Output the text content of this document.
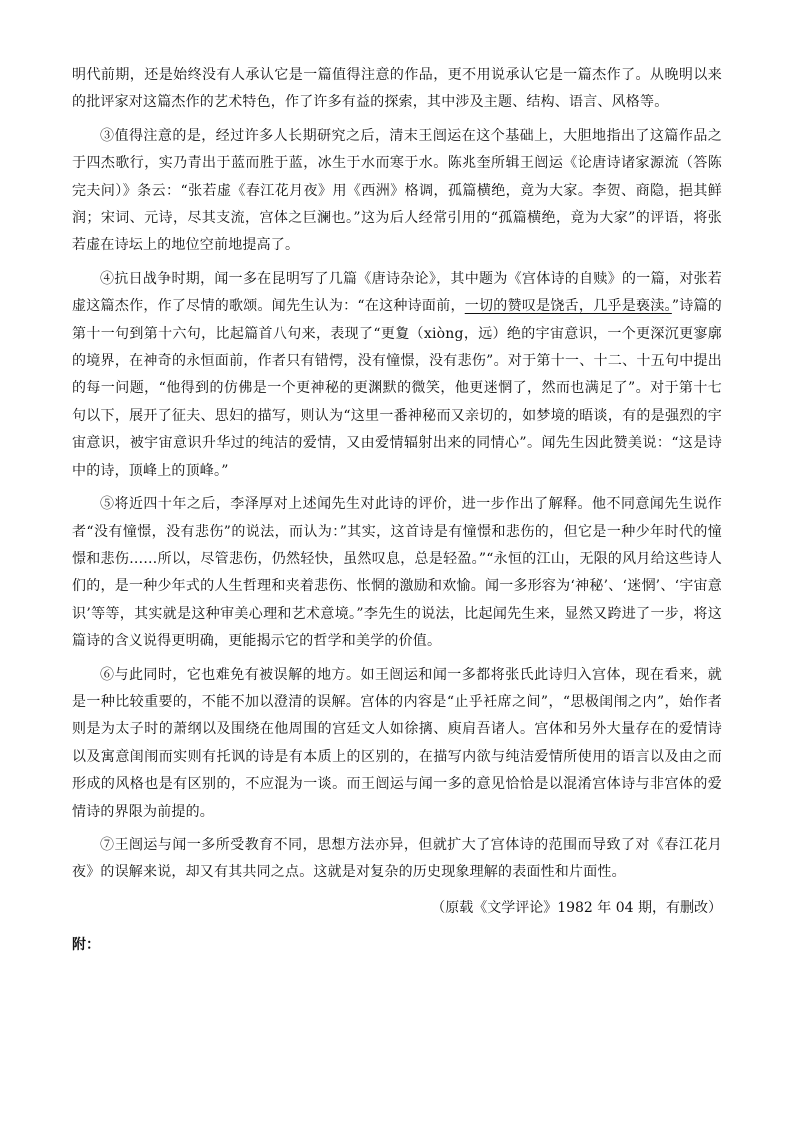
明代前期，还是始终没有人承认它是一篇值得注意的作品，更不用说承认它是一篇杰作了。从晚明以来的批评家对这篇杰作的艺术特色，作了许多有益的探索，其中涉及主题、结构、语言、风格等。

③值得注意的是，经过许多人长期研究之后，清末王闿运在这个基础上，大胆地指出了这篇作品之于四杰歌行，实乃青出于蓝而胜于蓝，冰生于水而寒于水。陈兆奎所辑王闿运《论唐诗诸家源流（答陈完夫问）》条云：“张若虚《春江花月夜》用《西洲》格调，孤篇横绝，竟为大家。李贺、商隐，挹其鲜润；宋词、元诗，尽其支流，宫体之巨澜也。”这为后人经常引用的“孤篇横绝，竟为大家”的评语，将张若虚在诗坛上的地位空前地提高了。

④抗日战争时期，闻一多在昆明写了几篇《唐诗杂论》，其中题为《宫体诗的自赎》的一篇，对张若虚这篇杰作，作了尽情的歌颂。闻先生认为：“在这种诗面前，一切的赞叹是饶舌，几乎是亵渎。”诗篇的第十一句到第十六句，比起篇首八句来，表现了“更夐（xiòng，远）绝的宇宙意识，一个更深沉更寥廓的境界，在神奇的永恒面前，作者只有错愕，没有憧憬，没有悲伤”。对于第十一、十二、十五句中提出的每一问题，“他得到的仿佛是一个更神秘的更渊默的微笑，他更迷惘了，然而也满足了”。对于第十七句以下，展开了征夫、思妇的描写，则认为“这里一番神秘而又亲切的，如梦境的晤谈，有的是强烈的宇宙意识，被宇宙意识升华过的纯洁的爱情，又由爱情辐射出来的同情心”。闻先生因此赞美说：“这是诗中的诗，顶峰上的顶峰。”

⑤将近四十年之后，李泽厚对上述闻先生对此诗的评价，进一步作出了解释。他不同意闻先生说作者“没有憧憬，没有悲伤”的说法，而认为：”其实，这首诗是有憧憬和悲伤的，但它是一种少年时代的憧憬和悲伤……所以，尽管悲伤，仍然轻快，虽然叹息，总是轻盈。”“永恒的江山，无限的风月给这些诗人们的，是一种少年式的人生哲理和夹着悲伤、怅惘的激励和欢愉。闻一多形容为‘神秘’、‘迷惘’、‘宇宙意识’等等，其实就是这种审美心理和艺术意境。”李先生的说法，比起闻先生来，显然又跨进了一步，将这篇诗的含义说得更明确，更能揭示它的哲学和美学的价值。

⑥与此同时，它也难免有被误解的地方。如王闿运和闻一多都将张氏此诗归入宫体，现在看来，就是一种比较重要的，不能不加以澄清的误解。宫体的内容是“止乎衽席之间”，“思极闺闱之内”，始作者则是为太子时的萧纲以及围绕在他周围的宫廷文人如徐摛、庾肩吾诸人。宫体和另外大量存在的爱情诗以及寓意闺闱而实则有托讽的诗是有本质上的区别的，在描写内欲与纯洁爱情所使用的语言以及由之而形成的风格也是有区别的，不应混为一谈。而王闿运与闻一多的意见恰恰是以混淆宫体诗与非宫体的爱情诗的界限为前提的。

⑦王闿运与闻一多所受教育不同，思想方法亦异，但就扩大了宫体诗的范围而导致了对《春江花月夜》的误解来说，却又有其共同之点。这就是对复杂的历史现象理解的表面性和片面性。

（原载《文学评论》1982 年 04 期，有删改）

附：
